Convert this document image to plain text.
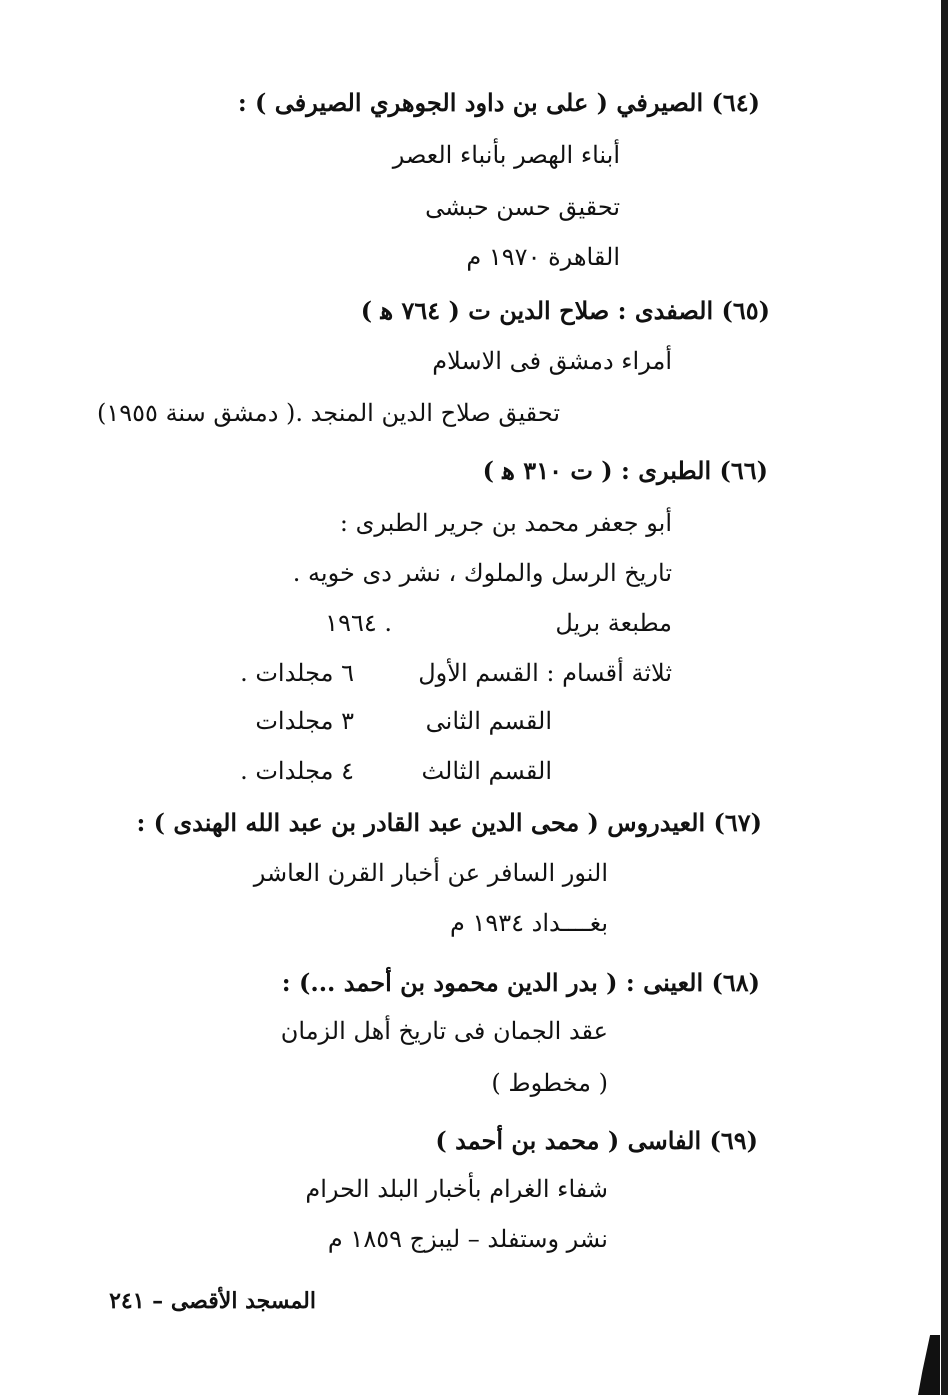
(٦٤) الصيرفي ( على بن داود الجوهري الصيرفى ) :
أبناء الهصر بأنباء العصر
تحقيق حسن حبشى
القاهرة ١٩٧٠ م
(٦٥) الصفدى : صلاح الدين ت ( ٧٦٤ ﻫ )
أمراء دمشق فى الاسلام
تحقيق صلاح الدين المنجد .( دمشق سنة ١٩٥٥)
(٦٦) الطبرى : ( ت ٣١٠ ﻫ )
أبو جعفر محمد بن جرير الطبرى :
تاريخ الرسل والملوك ، نشر دى خويه .
مطبعة بريل
١٩٦٤ .
ثلاثة أقسام : القسم الأول
٦ مجلدات .
القسم الثانى
٣ مجلدات
القسم الثالث
٤ مجلدات .
(٦٧) العيدروس ( محى الدين عبد القادر بن عبد الله الهندى ) :
النور السافر عن أخبار القرن العاشر
بغــــداد ١٩٣٤ م
(٦٨) العينى : ( بدر الدين محمود بن أحمد ...) :
عقد الجمان فى تاريخ أهل الزمان
( مخطوط )
(٦٩) الفاسى ( محمد بن أحمد )
شفاء الغرام بأخبار البلد الحرام
نشر وستفلد – ليبزج ١٨٥٩ م
المسجد الأقصى – ٢٤١
